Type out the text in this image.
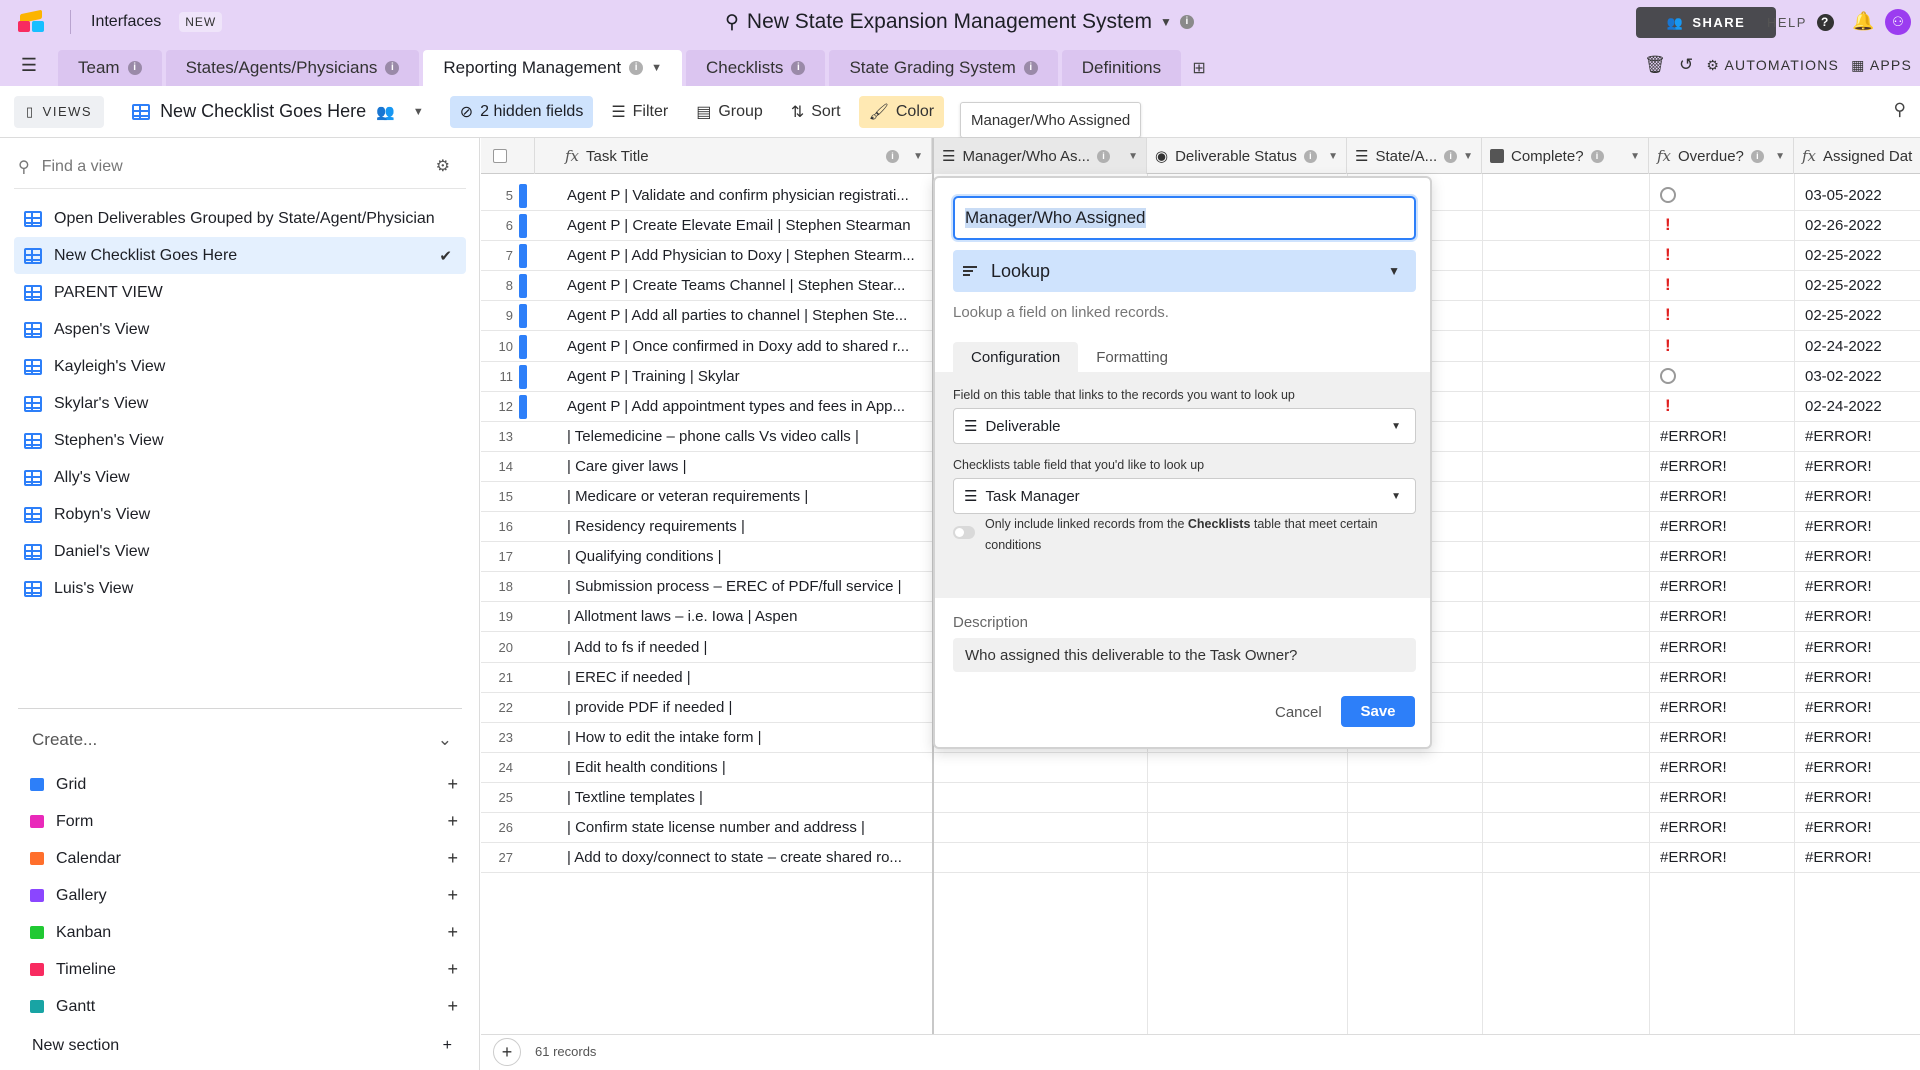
Interfaces	NEW	⚲ New State Expansion Management System ▼	i	👥 SHARE HELP	? 🔔	⚇
☰	Team	i	States/Agents/Physicians	i	Reporting Management	i	▼	Checklists	i	State Grading System	i	Definitions	⊞	🗑 ↺ ⚙ AUTOMATIONS ▦ APPS
▯ VIEWS	New Checklist Goes Here 👥 ▼ ⊘ 2 hidden fields ☰ Filter ▤ Group ⇅ Sort 🖌 Color
Manager/Who Assigned
⚲
⚲ Find a view	⚙
Open Deliverables Grouped by State/Agent/Physician
New Checklist Goes Here	✔
PARENT VIEW
Aspen's View
Kayleigh's View
Skylar's View
Stephen's View
Ally's View
Robyn's View
Daniel's View
Luis's View
Create...	⌄
Grid	+
Form	+
Calendar	+
Gallery	+
Kanban	+
Timeline	+
Gantt	+
New section	+
fx Task Title	i	▼ ☰ Manager/Who As...	i	▼ ◉ Deliverable Status	i	▼ ☰ State/A...	i	▼	Complete?	i	▼ fx Overdue?	i	▼ fx Assigned Dat
5	Agent P | Validate and confirm physician registrati...	03-05-2022
6	Agent P | Create Elevate Email | Stephen Stearman	!	02-26-2022
7	Agent P | Add Physician to Doxy | Stephen Stearm...	!	02-25-2022
8	Agent P | Create Teams Channel | Stephen Stear...	!	02-25-2022
9	Agent P | Add all parties to channel | Stephen Ste...	!	02-25-2022
10	Agent P | Once confirmed in Doxy add to shared r...	!	02-24-2022
11	Agent P | Training | Skylar	03-02-2022
12	Agent P | Add appointment types and fees in App...	!	02-24-2022
13	| Telemedicine – phone calls Vs video calls |	#ERROR!	#ERROR!
14	| Care giver laws |	#ERROR!	#ERROR!
15	| Medicare or veteran requirements |	#ERROR!	#ERROR!
16	| Residency requirements |	#ERROR!	#ERROR!
17	| Qualifying conditions |	#ERROR!	#ERROR!
18	| Submission process – EREC of PDF/full service |	#ERROR!	#ERROR!
19	| Allotment laws – i.e. Iowa | Aspen	#ERROR!	#ERROR!
20	| Add to fs if needed |	#ERROR!	#ERROR!
21	| EREC if needed |	#ERROR!	#ERROR!
22	| provide PDF if needed |	#ERROR!	#ERROR!
23	| How to edit the intake form |	#ERROR!	#ERROR!
24	| Edit health conditions |	#ERROR!	#ERROR!
25	| Textline templates |	#ERROR!	#ERROR!
26	| Confirm state license number and address |	#ERROR!	#ERROR!
27	| Add to doxy/connect to state – create shared ro...	#ERROR!	#ERROR!
+	61 records
Manager/Who Assigned
Lookup	▼
Lookup a field on linked records.
Configuration	Formatting
Field on this table that links to the records you want to look up
☰ Deliverable	▼
Checklists table field that you'd like to look up
☰ Task Manager	▼
Only include linked records from the Checklists table that meet certain conditions
Description
Who assigned this deliverable to the Task Owner?
Cancel	Save
